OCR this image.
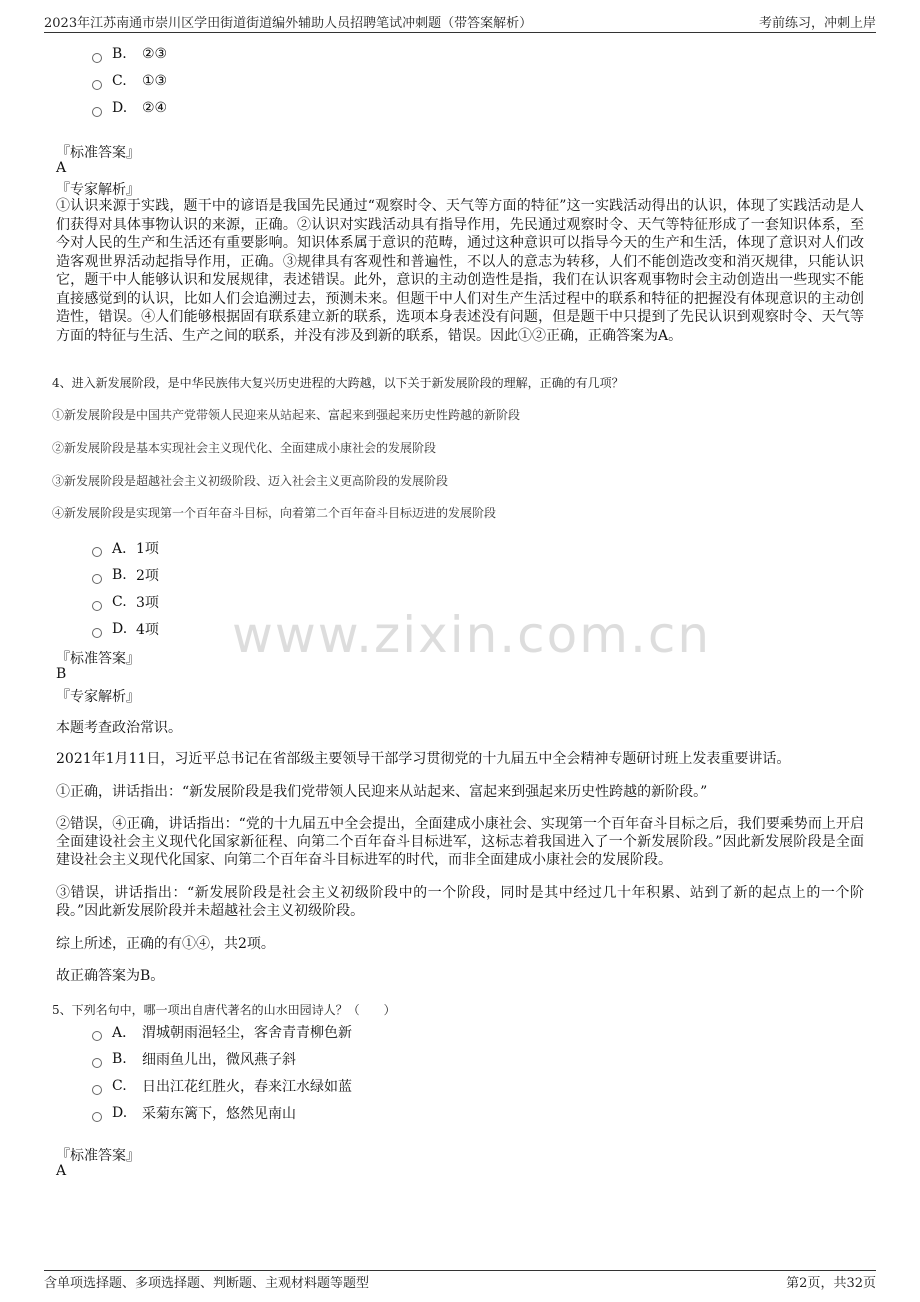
2023年江苏南通市崇川区学田街道街道编外辅助人员招聘笔试冲刺题（带答案解析）	考前练习，冲刺上岸
B.	②③
C.	①③
D.	②④
『标准答案』
A
『专家解析』
①认识来源于实践，题干中的谚语是我国先民通过“观察时令、天气等方面的特征”这一实践活动得出的认识，体现了实践活动是人们获得对具体事物认识的来源，正确。②认识对实践活动具有指导作用，先民通过观察时令、天气等特征形成了一套知识体系，至今对人民的生产和生活还有重要影响。知识体系属于意识的范畴，通过这种意识可以指导今天的生产和生活，体现了意识对人们改造客观世界活动起指导作用，正确。③规律具有客观性和普遍性，不以人的意志为转移，人们不能创造改变和消灭规律，只能认识它，题干中人能够认识和发展规律，表述错误。此外，意识的主动创造性是指，我们在认识客观事物时会主动创造出一些现实不能直接感觉到的认识，比如人们会追溯过去，预测未来。但题干中人们对生产生活过程中的联系和特征的把握没有体现意识的主动创造性，错误。④人们能够根据固有联系建立新的联系，选项本身表述没有问题，但是题干中只提到了先民认识到观察时令、天气等方面的特征与生活、生产之间的联系，并没有涉及到新的联系，错误。因此①②正确，正确答案为A。
4、进入新发展阶段，是中华民族伟大复兴历史进程的大跨越，以下关于新发展阶段的理解，正确的有几项？
①新发展阶段是中国共产党带领人民迎来从站起来、富起来到强起来历史性跨越的新阶段
②新发展阶段是基本实现社会主义现代化、全面建成小康社会的发展阶段
③新发展阶段是超越社会主义初级阶段、迈入社会主义更高阶段的发展阶段
④新发展阶段是实现第一个百年奋斗目标，向着第二个百年奋斗目标迈进的发展阶段
A． 1项
B. 2项
C. 3项
D. 4项 www.zixin.com.cn
『标准答案』
B
『专家解析』
本题考查政治常识。
2021年1月11日，习近平总书记在省部级主要领导干部学习贯彻党的十九届五中全会精神专题研讨班上发表重要讲话。
①正确，讲话指出：“新发展阶段是我们党带领人民迎来从站起来、富起来到强起来历史性跨越的新阶段。”
②错误，④正确，讲话指出：“党的十九届五中全会提出，全面建成小康社会、实现第一个百年奋斗目标之后，我们要乘势而上开启全面建设社会主义现代化国家新征程、向第二个百年奋斗目标进军，这标志着我国进入了一个新发展阶段。”因此新发展阶段是全面建设社会主义现代化国家、向第二个百年奋斗目标进军的时代，而非全面建成小康社会的发展阶段。
③错误，讲话指出：“新发展阶段是社会主义初级阶段中的一个阶段，同时是其中经过几十年积累、站到了新的起点上的一个阶段。”因此新发展阶段并未超越社会主义初级阶段。
综上所述，正确的有①④，共2项。
故正确答案为B。
5、下列名句中，哪一项出自唐代著名的山水田园诗人？（　　）
A． 渭城朝雨浥轻尘，客舍青青柳色新
B.	细雨鱼儿出，微风燕子斜
C.	日出江花红胜火，春来江水绿如蓝
D.	采菊东篱下，悠然见南山
『标准答案』
A
含单项选择题、多项选择题、判断题、主观材料题等题型	第2页，共32页
